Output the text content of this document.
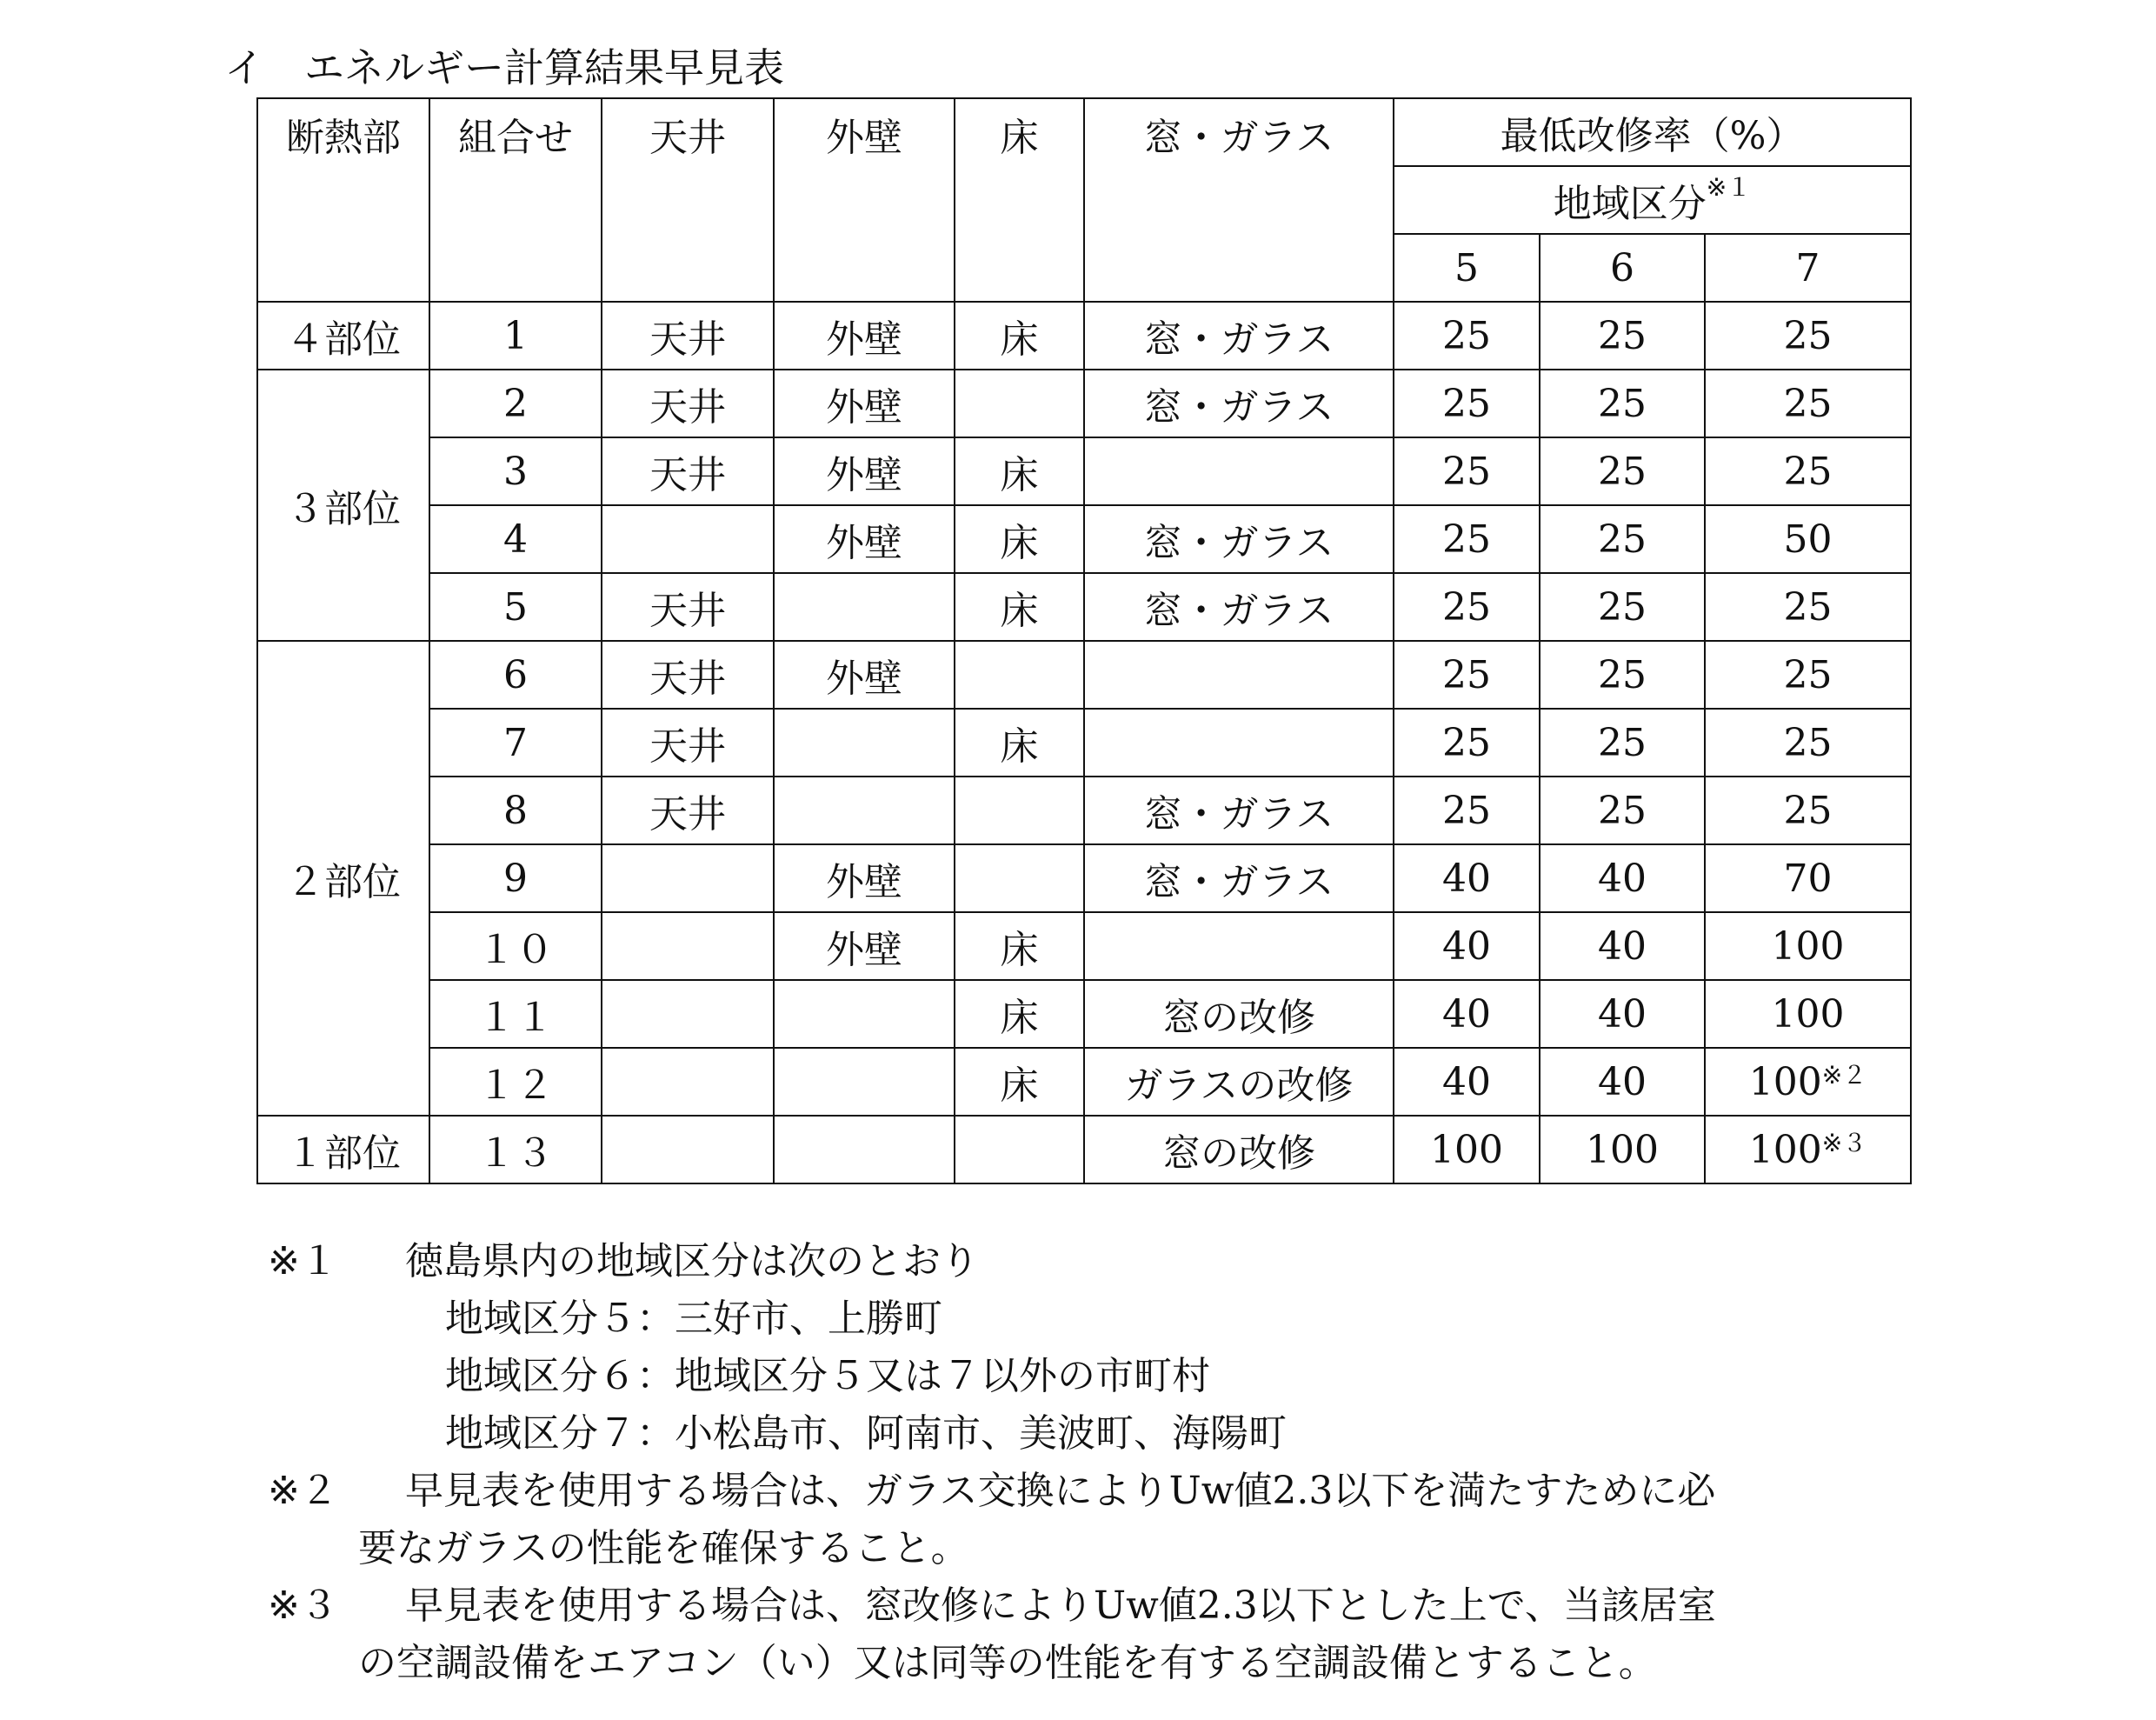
イ　エネルギー計算結果早見表
断熱部	組合せ	天井	外壁	床	窓・ガラス	最低改修率（%）		
						地域区分$^{※1}$
						5	6	7
４部位	1	天井	外壁	床	窓・ガラス	25	25	25
３部位	2	天井	外壁		窓・ガラス	25	25	25
	3	天井	外壁	床		25	25	25
	4		外壁	床	窓・ガラス	25	25	50
	5	天井		床	窓・ガラス	25	25	25
２部位	6	天井	外壁			25	25	25
	7	天井		床		25	25	25
	8	天井			窓・ガラス	25	25	25
	9		外壁		窓・ガラス	40	40	70
	１０		外壁	床		40	40	100
	１１			床	窓の改修	40	40	100
	１２			床	ガラスの改修	40	40	100$^{※2}$
１部位	１３				窓の改修	100	100	100$^{※3}$
※１ 徳島県内の地域区分は次のとおり
地域区分５：三好市、上勝町
地域区分６：地域区分５又は７以外の市町村
地域区分７：小松島市、阿南市、美波町、海陽町
※２ 早見表を使用する場合は、ガラス交換によりUw値2.3以下を満たすために必
要なガラスの性能を確保すること。
※３ 早見表を使用する場合は、窓改修によりUw値2.3以下とした上で、当該居室
の空調設備をエアコン（い）又は同等の性能を有する空調設備とすること。
